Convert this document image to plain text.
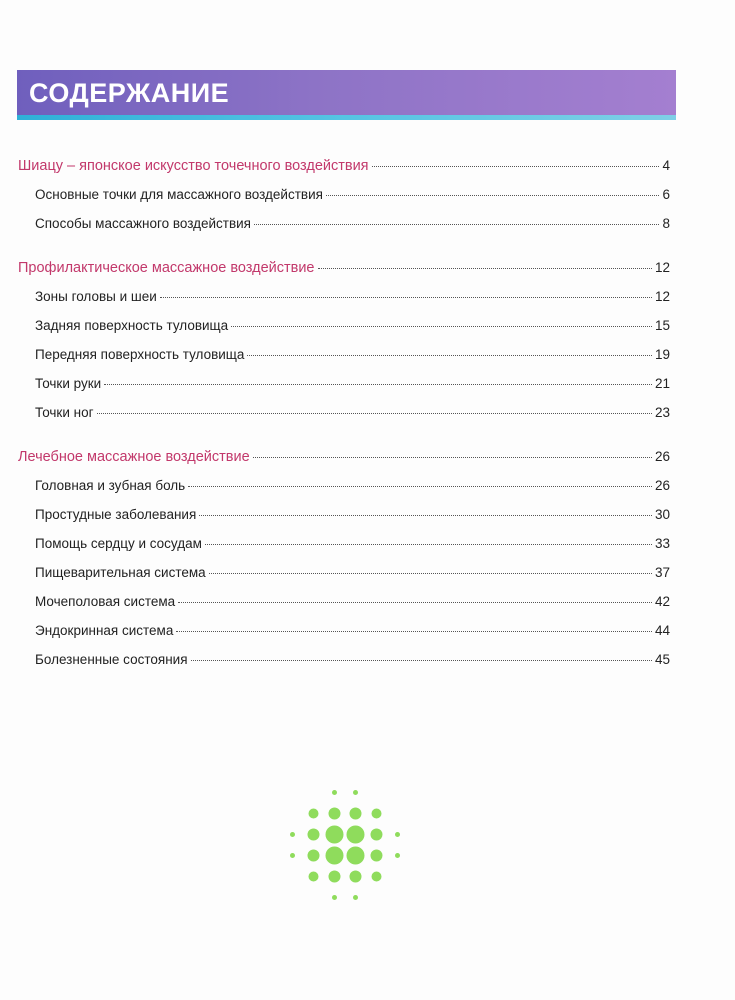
СОДЕРЖАНИЕ
Шиацу – японское искусство точечного воздействия	4
Основные точки для массажного воздействия	6
Способы массажного воздействия	8
Профилактическое массажное воздействие	12
Зоны головы и шеи	12
Задняя поверхность туловища	15
Передняя поверхность туловища	19
Точки руки	21
Точки ног	23
Лечебное массажное воздействие	26
Головная и зубная боль	26
Простудные заболевания	30
Помощь сердцу и сосудам	33
Пищеварительная система	37
Мочеполовая система	42
Эндокринная система	44
Болезненные состояния	45
